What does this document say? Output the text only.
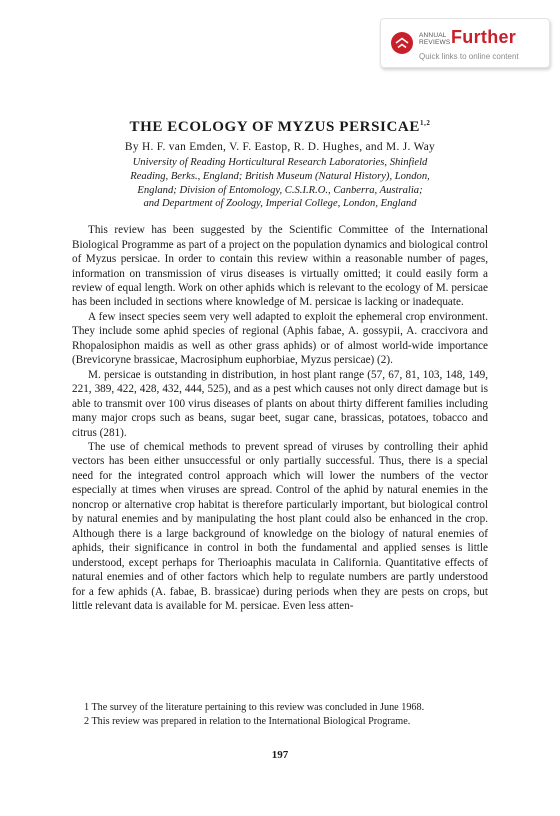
ANNUAL
REVIEWS Further
Quick links to online content
THE ECOLOGY OF MYZUS PERSICAE$^{1,2}$
By H. F. van Emden, V. F. Eastop, R. D. Hughes, and M. J. Way
University of Reading Horticultural Research Laboratories, Shinfield
Reading, Berks., England; British Museum (Natural History), London,
England; Division of Entomology, C.S.I.R.O., Canberra, Australia;
and Department of Zoology, Imperial College, London, England

This review has been suggested by the Scientific Committee of the International Biological Programme as part of a project on the population dynamics and biological control of Myzus persicae. In order to contain this review within a reasonable number of pages, information on transmission of virus diseases is virtually omitted; it could easily form a review of equal length. Work on other aphids which is relevant to the ecology of M. persicae has been included in sections where knowledge of M. persicae is lacking or inadequate.

A few insect species seem very well adapted to exploit the ephemeral crop environment. They include some aphid species of regional (Aphis fabae, A. gossypii, A. craccivora and Rhopalosiphon maidis as well as other grass aphids) or of almost world-wide importance (Brevicoryne brassicae, Macrosiphum euphorbiae, Myzus persicae) (2).

M. persicae is outstanding in distribution, in host plant range (57, 67, 81, 103, 148, 149, 221, 389, 422, 428, 432, 444, 525), and as a pest which causes not only direct damage but is able to transmit over 100 virus diseases of plants on about thirty different families including many major crops such as beans, sugar beet, sugar cane, brassicas, potatoes, tobacco and citrus (281).

The use of chemical methods to prevent spread of viruses by controlling their aphid vectors has been either unsuccessful or only partially successful. Thus, there is a special need for the integrated control approach which will lower the numbers of the vector especially at times when viruses are spread. Control of the aphid by natural enemies in the noncrop or alternative crop habitat is therefore particularly important, but biological control by natural enemies and by manipulating the host plant could also be enhanced in the crop. Although there is a large background of knowledge on the biology of natural enemies of aphids, their significance in control in both the fundamental and applied senses is little understood, except perhaps for Therioaphis maculata in California. Quantitative effects of natural enemies and of other factors which help to regulate numbers are partly understood for a few aphids (A. fabae, B. brassicae) during periods when they are pests on crops, but little relevant data is available for M. persicae. Even less atten-

1 The survey of the literature pertaining to this review was concluded in June 1968.

2 This review was prepared in relation to the International Biological Programe.

197
